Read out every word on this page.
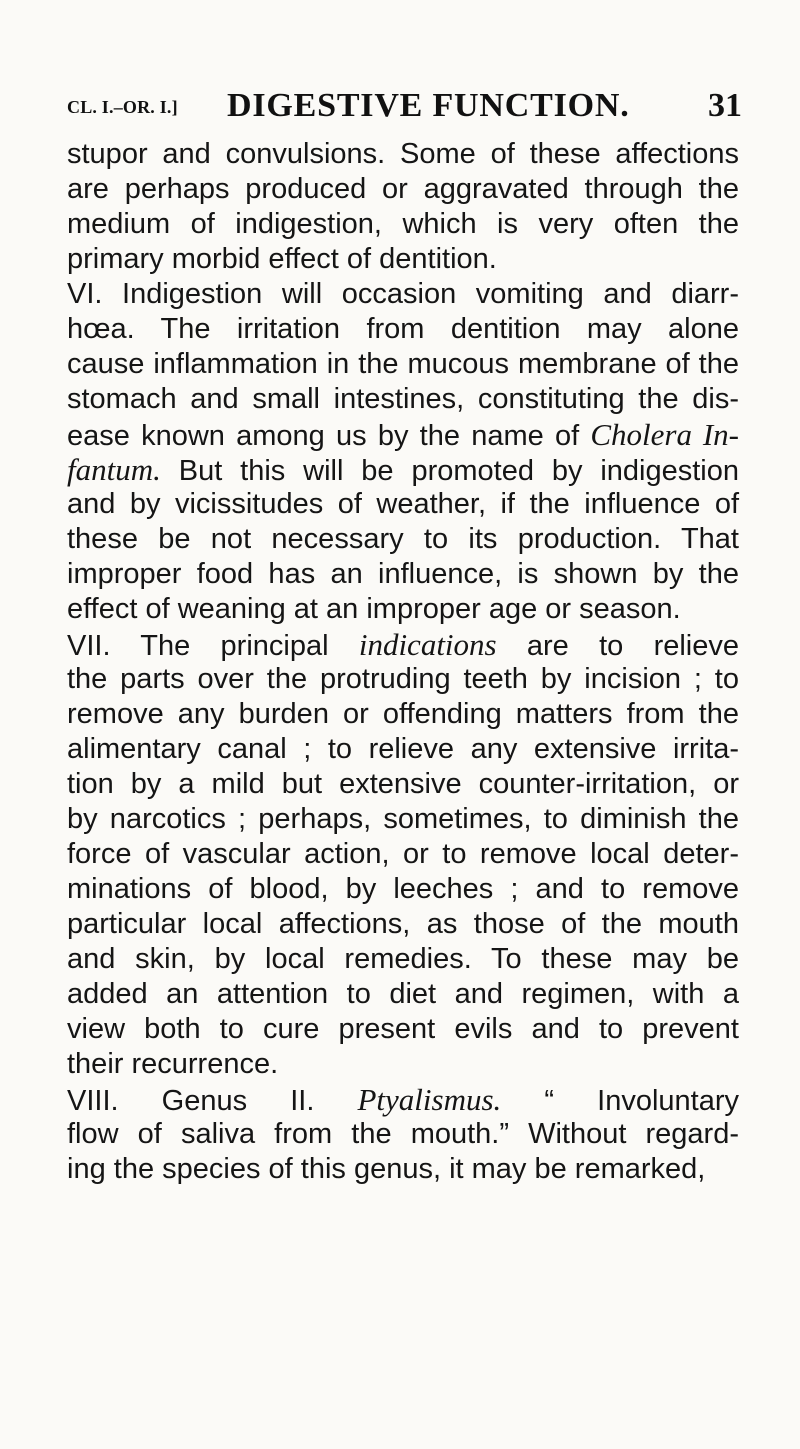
CL. I.–OR. I.] DIGESTIVE FUNCTION. 31
stupor and convulsions. Some of these affections
are perhaps produced or aggravated through the
medium of indigestion, which is very often the
primary morbid effect of dentition.
VI. Indigestion will occasion vomiting and diarr-
hœa. The irritation from dentition may alone
cause inflammation in the mucous membrane of the
stomach and small intestines, constituting the dis-
ease known among us by the name of Cholera In-
fantum. But this will be promoted by indigestion
and by vicissitudes of weather, if the influence of
these be not necessary to its production. That
improper food has an influence, is shown by the
effect of weaning at an improper age or season.
VII. The principal indications are to relieve
the parts over the protruding teeth by incision ; to
remove any burden or offending matters from the
alimentary canal ; to relieve any extensive irrita-
tion by a mild but extensive counter-irritation, or
by narcotics ; perhaps, sometimes, to diminish the
force of vascular action, or to remove local deter-
minations of blood, by leeches ; and to remove
particular local affections, as those of the mouth
and skin, by local remedies. To these may be
added an attention to diet and regimen, with a
view both to cure present evils and to prevent
their recurrence.
VIII. Genus II. Ptyalismus. “ Involuntary
flow of saliva from the mouth.” Without regard-
ing the species of this genus, it may be remarked,
